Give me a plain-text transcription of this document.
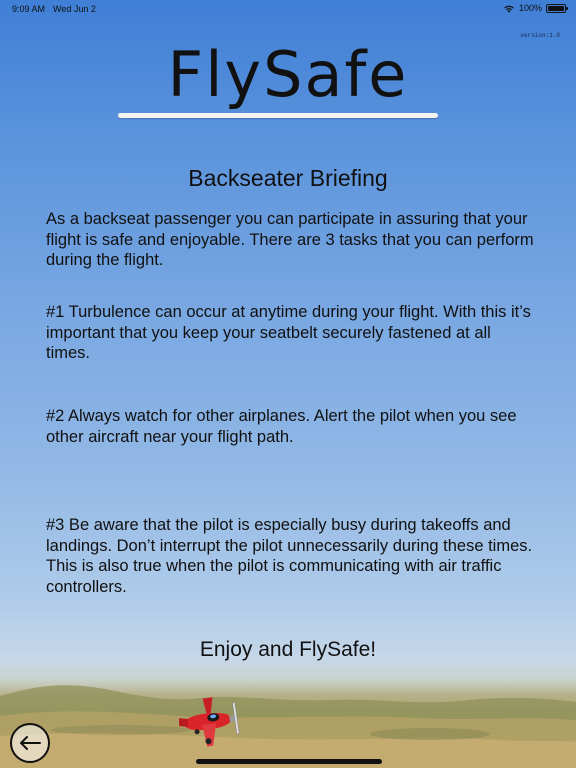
9:09 AM Wed Jun 2	100%
version:1.0
FlySafe
Backseater Briefing
As a backseat passenger you can participate in assuring that your flight is safe and enjoyable. There are 3 tasks that you can perform during the flight.
#1 Turbulence can occur at anytime during your flight. With this it’s important that you keep your seatbelt securely fastened at all times.
#2 Always watch for other airplanes. Alert the pilot when you see other aircraft near your flight path.
#3 Be aware that the pilot is especially busy during takeoffs and landings. Don’t interrupt the pilot unnecessarily during these times. This is also true when the pilot is communicating with air traffic controllers.
Enjoy and FlySafe!
